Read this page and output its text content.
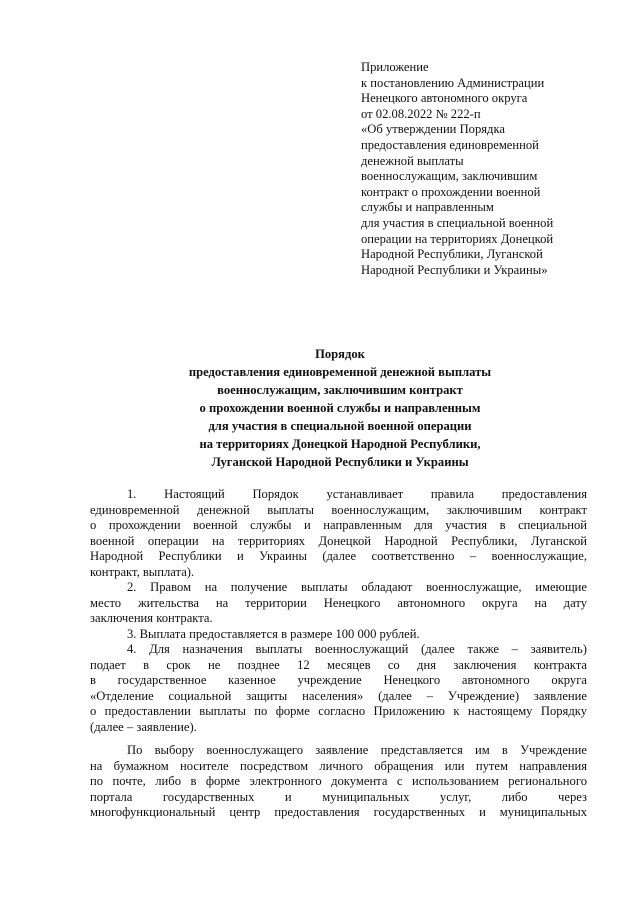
Приложение
к постановлению Администрации
Ненецкого автономного округа
от 02.08.2022 № 222-п
«Об утверждении Порядка
предоставления единовременной
денежной выплаты
военнослужащим, заключившим
контракт о прохождении военной
службы и направленным
для участия в специальной военной
операции на территориях Донецкой
Народной Республики, Луганской
Народной Республики и Украины»
Порядок
предоставления единовременной денежной выплаты
военнослужащим, заключившим контракт
о прохождении военной службы и направленным
для участия в специальной военной операции
на территориях Донецкой Народной Республики,
Луганской Народной Республики и Украины
1. Настоящий Порядок устанавливает правила предоставления
единовременной денежной выплаты военнослужащим, заключившим контракт
о прохождении военной службы и направленным для участия в специальной
военной операции на территориях Донецкой Народной Республики, Луганской
Народной Республики и Украины (далее соответственно – военнослужащие,
контракт, выплата).
2. Правом на получение выплаты обладают военнослужащие, имеющие
место жительства на территории Ненецкого автономного округа на дату
заключения контракта.
3. Выплата предоставляется в размере 100 000 рублей.
4. Для назначения выплаты военнослужащий (далее также – заявитель)
подает в срок не позднее 12 месяцев со дня заключения контракта
в государственное казенное учреждение Ненецкого автономного округа
«Отделение социальной защиты населения» (далее – Учреждение) заявление
о предоставлении выплаты по форме согласно Приложению к настоящему Порядку
(далее – заявление).
По выбору военнослужащего заявление представляется им в Учреждение
на бумажном носителе посредством личного обращения или путем направления
по почте, либо в форме электронного документа с использованием регионального
портала государственных и муниципальных услуг, либо через
многофункциональный центр предоставления государственных и муниципальных
